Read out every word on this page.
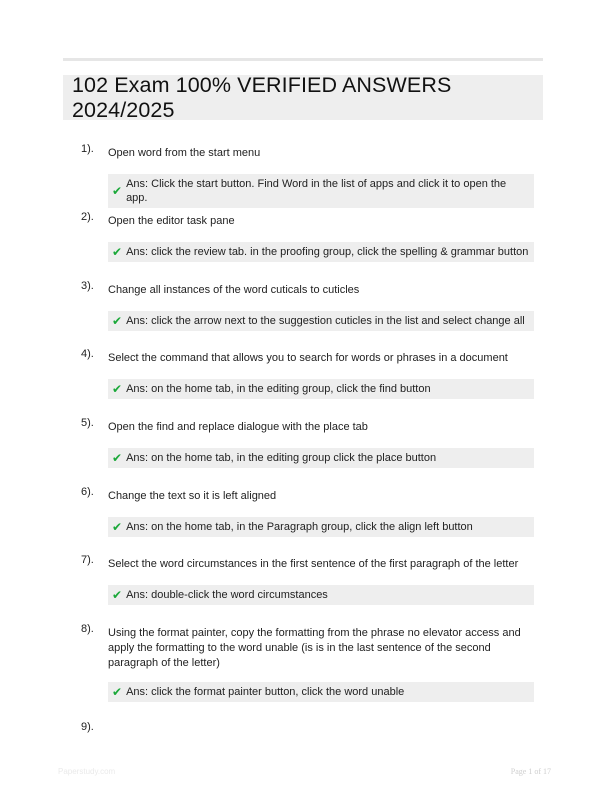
102 Exam 100% VERIFIED ANSWERS 2024/2025
1).	Open word from the start menu
✔ Ans: Click the start button. Find Word in the list of apps and click it to open the app.
2).	Open the editor task pane
✔ Ans: click the review tab. in the proofing group, click the spelling & grammar button
3).	Change all instances of the word cuticals to cuticles
✔ Ans: click the arrow next to the suggestion cuticles in the list and select change all
4).	Select the command that allows you to search for words or phrases in a document
✔ Ans: on the home tab, in the editing group, click the find button
5).	Open the find and replace dialogue with the place tab
✔ Ans: on the home tab, in the editing group click the place button
6).	Change the text so it is left aligned
✔ Ans: on the home tab, in the Paragraph group, click the align left button
7).	Select the word circumstances in the first sentence of the first paragraph of the letter
✔ Ans: double-click the word circumstances
8).	Using the format painter, copy the formatting from the phrase no elevator access and apply the formatting to the word unable (is is in the last sentence of the second paragraph of the letter)
✔ Ans: click the format painter button, click the word unable
9).
Paperstudy.com	Page 1 of 17
